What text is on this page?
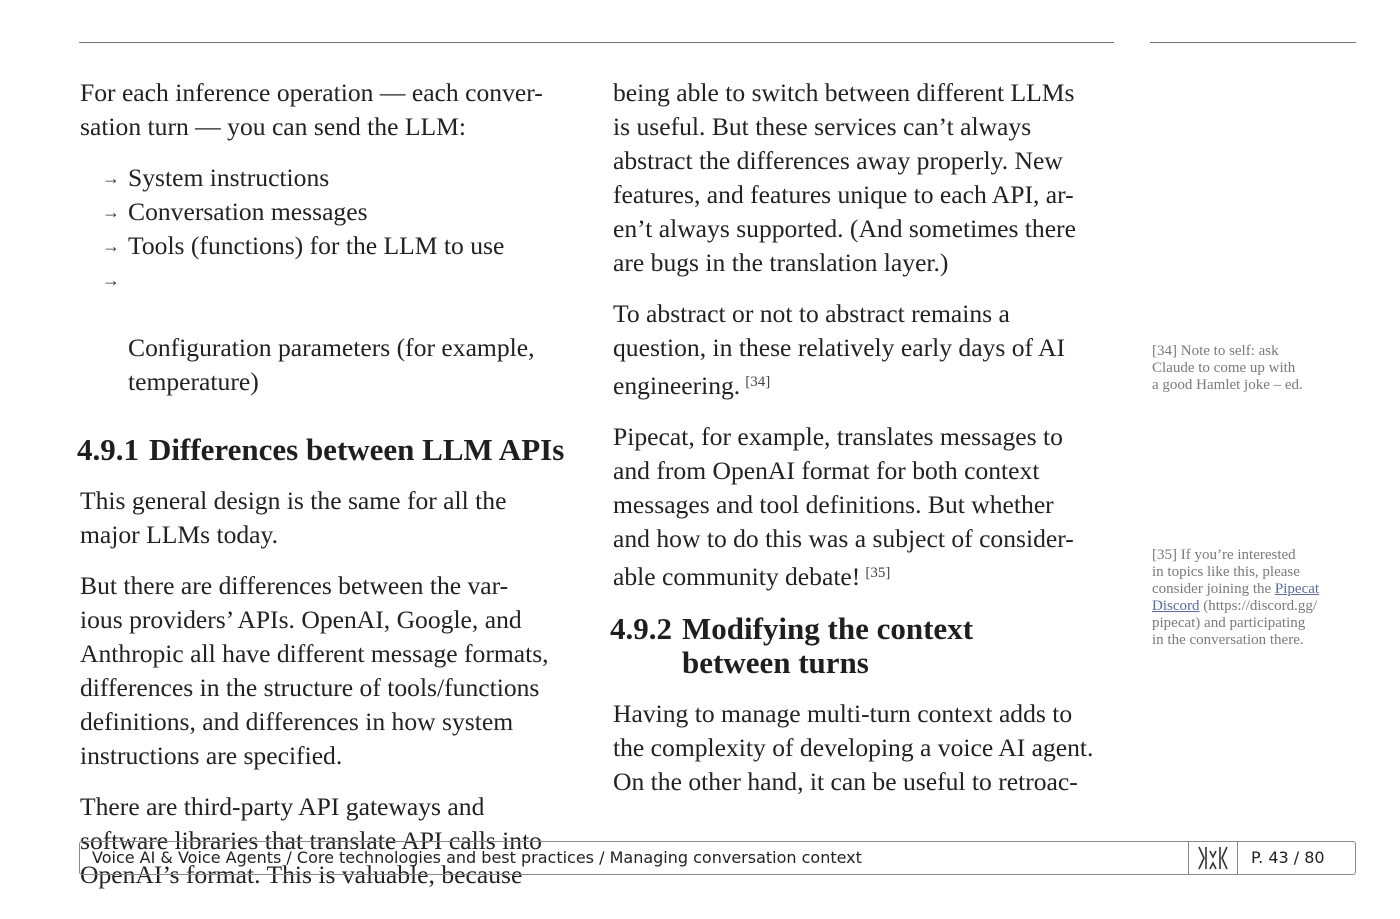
For each inference operation — each conver-
sation turn — you can send the LLM:

→ System instructions
→ Conversation messages
→ Tools (functions) for the LLM to use

→

Configuration parameters (for example,
temperature)

4.9.1 Differences between LLM APIs

This general design is the same for all the
major LLMs today.

But there are differences between the var-
ious providers’ APIs. OpenAI, Google, and
Anthropic all have different message formats,
differences in the structure of tools/functions
definitions, and differences in how system
instructions are specified.

There are third-party API gateways and
software libraries that translate API calls into
OpenAI’s format. This is valuable, because

being able to switch between different LLMs
is useful. But these services can’t always
abstract the differences away properly. New
features, and features unique to each API, ar-
en’t always supported. (And sometimes there
are bugs in the translation layer.)

To abstract or not to abstract remains a
question, in these relatively early days of AI
engineering. [34]

Pipecat, for example, translates messages to
and from OpenAI format for both context
messages and tool definitions. But whether
and how to do this was a subject of consider-
able community debate! [35]

4.9.2 Modifying the context
between turns

Having to manage multi-turn context adds to
the complexity of developing a voice AI agent.
On the other hand, it can be useful to retroac-

[34] Note to self: ask
Claude to come up with
a good Hamlet joke – ed.
[35] If you’re interested
in topics like this, please
consider joining the Pipecat
Discord (https://discord.gg/
pipecat) and participating
in the conversation there.
Voice AI & Voice Agents / Core technologies and best practices / Managing conversation context	P. 43 / 80
